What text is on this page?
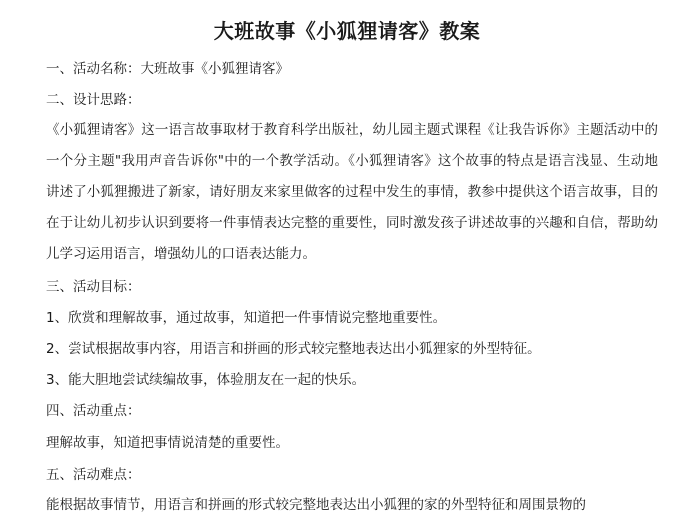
大班故事《小狐狸请客》教案
一、活动名称：大班故事《小狐狸请客》
二、设计思路：
《小狐狸请客》这一语言故事取材于教育科学出版社，幼儿园主题式课程《让我告诉你》主题活动中的一个分主题"我用声音告诉你"中的一个教学活动。《小狐狸请客》这个故事的特点是语言浅显、生动地讲述了小狐狸搬进了新家，请好朋友来家里做客的过程中发生的事情，教参中提供这个语言故事，目的在于让幼儿初步认识到要将一件事情表达完整的重要性，同时激发孩子讲述故事的兴趣和自信，帮助幼儿学习运用语言，增强幼儿的口语表达能力。
三、活动目标：
1、欣赏和理解故事，通过故事，知道把一件事情说完整地重要性。
2、尝试根据故事内容，用语言和拼画的形式较完整地表达出小狐狸家的外型特征。
3、能大胆地尝试续编故事，体验朋友在一起的快乐。
四、活动重点：
理解故事，知道把事情说清楚的重要性。
五、活动难点：
能根据故事情节，用语言和拼画的形式较完整地表达出小狐狸的家的外型特征和周围景物的
